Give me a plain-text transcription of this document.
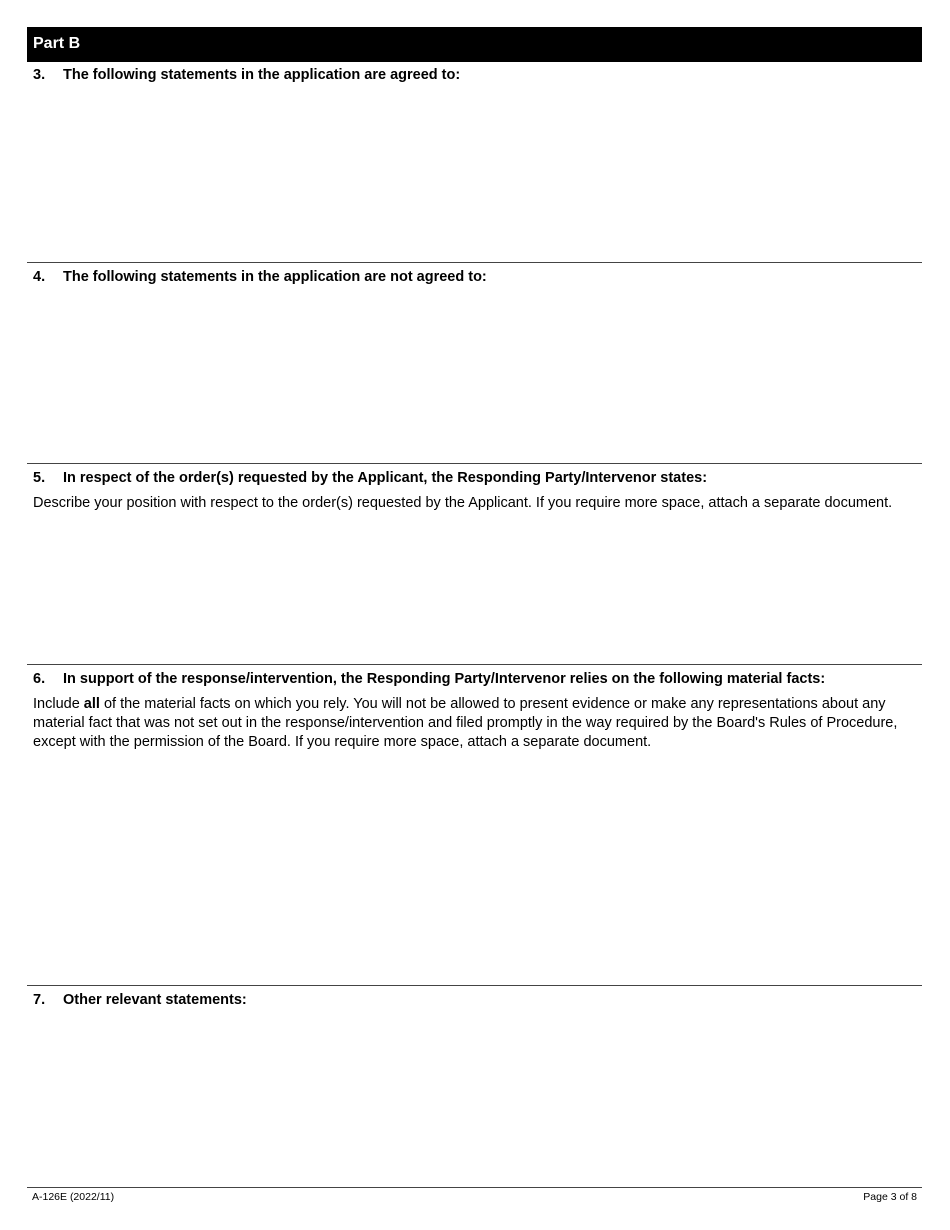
Part B
3.	The following statements in the application are agreed to:
4.	The following statements in the application are not agreed to:
5.	In respect of the order(s) requested by the Applicant, the Responding Party/Intervenor states:
Describe your position with respect to the order(s) requested by the Applicant. If you require more space, attach a separate document.
6.	In support of the response/intervention, the Responding Party/Intervenor relies on the following material facts:
Include all of the material facts on which you rely. You will not be allowed to present evidence or make any representations about any material fact that was not set out in the response/intervention and filed promptly in the way required by the Board's Rules of Procedure, except with the permission of the Board. If you require more space, attach a separate document.
7.	Other relevant statements:
A-126E (2022/11)	Page 3 of 8
